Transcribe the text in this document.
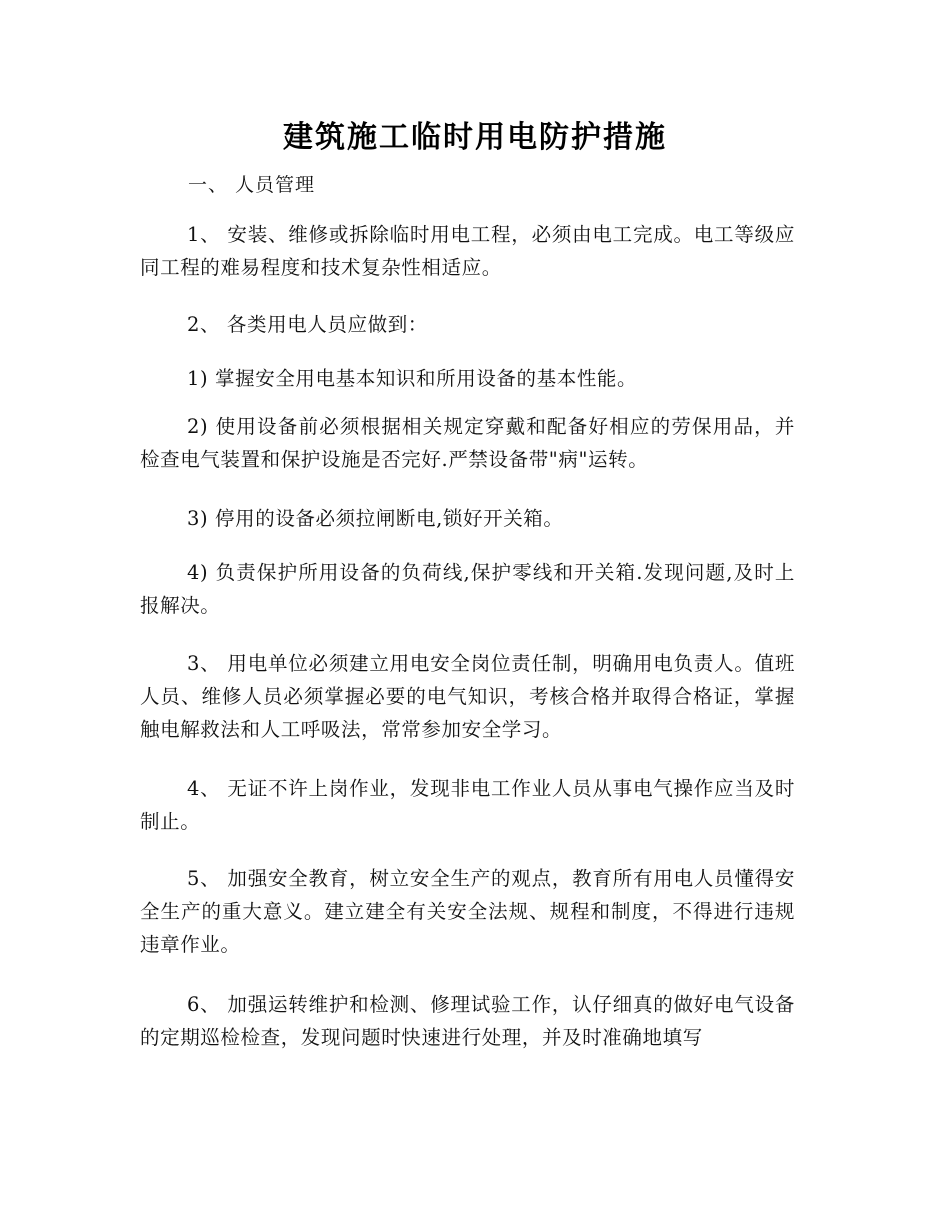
建筑施工临时用电防护措施
一、 人员管理
1、 安装、维修或拆除临时用电工程，必须由电工完成。电工等级应同工程的难易程度和技术复杂性相适应。
2、 各类用电人员应做到：
1) 掌握安全用电基本知识和所用设备的基本性能。
2) 使用设备前必须根据相关规定穿戴和配备好相应的劳保用品，并检查电气装置和保护设施是否完好.严禁设备带"病"运转。
3) 停用的设备必须拉闸断电,锁好开关箱。
4) 负责保护所用设备的负荷线,保护零线和开关箱.发现问题,及时上报解决。
3、 用电单位必须建立用电安全岗位责任制，明确用电负责人。值班人员、维修人员必须掌握必要的电气知识，考核合格并取得合格证，掌握触电解救法和人工呼吸法，常常参加安全学习。
4、 无证不许上岗作业，发现非电工作业人员从事电气操作应当及时制止。
5、 加强安全教育，树立安全生产的观点，教育所有用电人员懂得安全生产的重大意义。建立建全有关安全法规、规程和制度，不得进行违规违章作业。
6、 加强运转维护和检测、修理试验工作，认仔细真的做好电气设备的定期巡检检查，发现问题时快速进行处理，并及时准确地填写
